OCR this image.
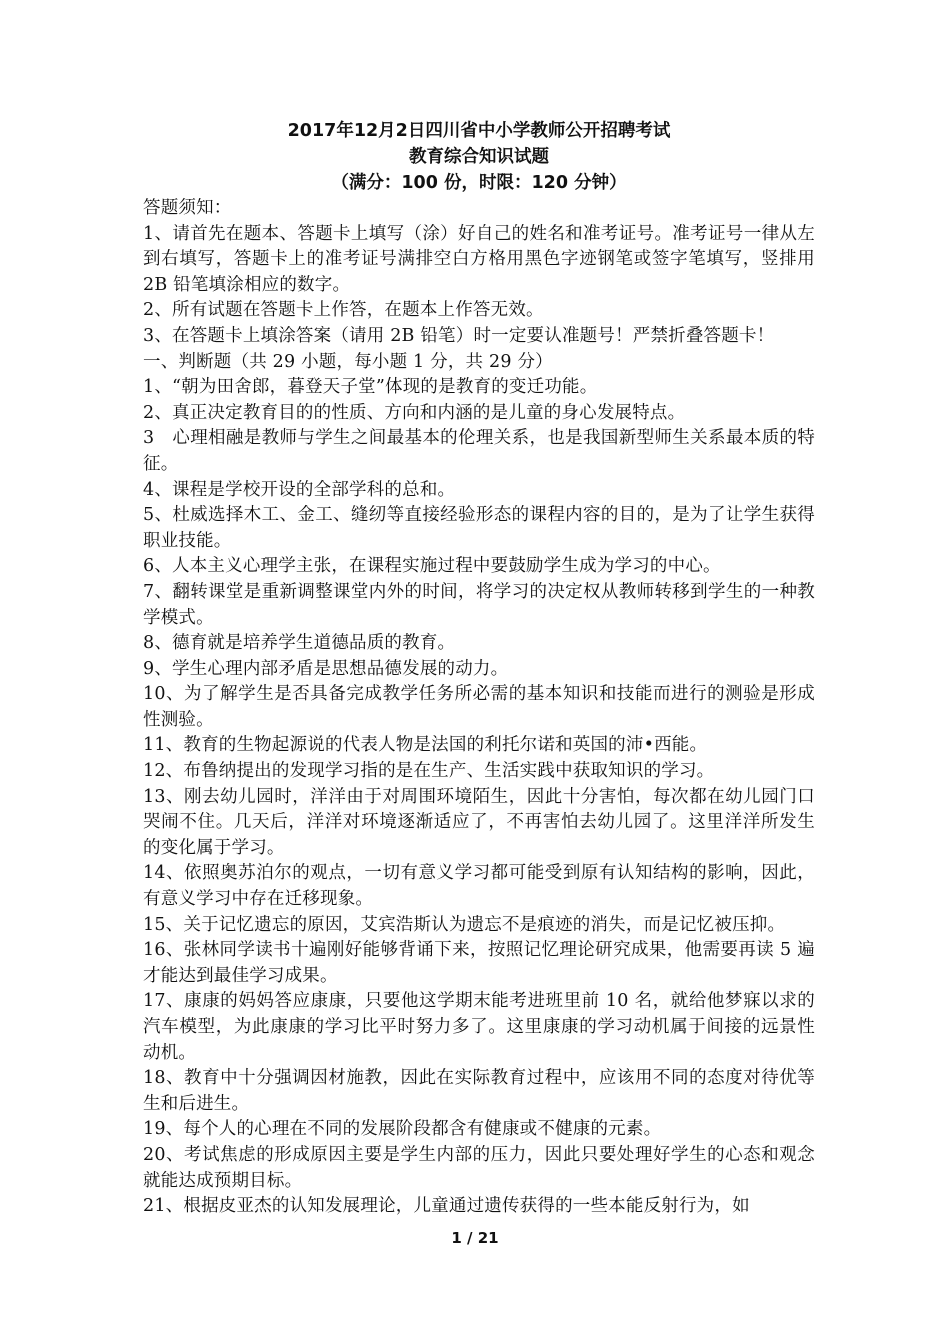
2017年12月2日四川省中小学教师公开招聘考试
教育综合知识试题
（满分：100 份，时限：120 分钟）

答题须知：

1、请首先在题本、答题卡上填写（涂）好自己的姓名和准考证号。准考证号一律从左到右填写，答题卡上的准考证号满排空白方格用黑色字迹钢笔或签字笔填写，竖排用 2B 铅笔填涂相应的数字。

2、所有试题在答题卡上作答，在题本上作答无效。

3、在答题卡上填涂答案（请用 2B 铅笔）时一定要认准题号！严禁折叠答题卡！

一、判断题（共 29 小题，每小题 1 分，共 29 分）

1、“朝为田舍郎，暮登天子堂”体现的是教育的变迁功能。

2、真正决定教育目的的性质、方向和内涵的是儿童的身心发展特点。

3　心理相融是教师与学生之间最基本的伦理关系，也是我国新型师生关系最本质的特征。

4、课程是学校开设的全部学科的总和。

5、杜威选择木工、金工、缝纫等直接经验形态的课程内容的目的，是为了让学生获得职业技能。

6、人本主义心理学主张，在课程实施过程中要鼓励学生成为学习的中心。

7、翻转课堂是重新调整课堂内外的时间，将学习的决定权从教师转移到学生的一种教学模式。

8、德育就是培养学生道德品质的教育。

9、学生心理内部矛盾是思想品德发展的动力。

10、为了解学生是否具备完成教学任务所必需的基本知识和技能而进行的测验是形成性测验。

11、教育的生物起源说的代表人物是法国的利托尔诺和英国的沛•西能。

12、布鲁纳提出的发现学习指的是在生产、生活实践中获取知识的学习。

13、刚去幼儿园时，洋洋由于对周围环境陌生，因此十分害怕，每次都在幼儿园门口哭闹不住。几天后，洋洋对环境逐渐适应了，不再害怕去幼儿园了。这里洋洋所发生的变化属于学习。

14、依照奥苏泊尔的观点，一切有意义学习都可能受到原有认知结构的影响，因此，有意义学习中存在迁移现象。

15、关于记忆遗忘的原因，艾宾浩斯认为遗忘不是痕迹的消失，而是记忆被压抑。

16、张林同学读书十遍刚好能够背诵下来，按照记忆理论研究成果，他需要再读 5 遍才能达到最佳学习成果。

17、康康的妈妈答应康康，只要他这学期末能考进班里前 10 名，就给他梦寐以求的汽车模型，为此康康的学习比平时努力多了。这里康康的学习动机属于间接的远景性动机。

18、教育中十分强调因材施教，因此在实际教育过程中，应该用不同的态度对待优等生和后进生。

19、每个人的心理在不同的发展阶段都含有健康或不健康的元素。

20、考试焦虑的形成原因主要是学生内部的压力，因此只要处理好学生的心态和观念就能达成预期目标。

21、根据皮亚杰的认知发展理论，儿童通过遗传获得的一些本能反射行为，如

1 / 21
